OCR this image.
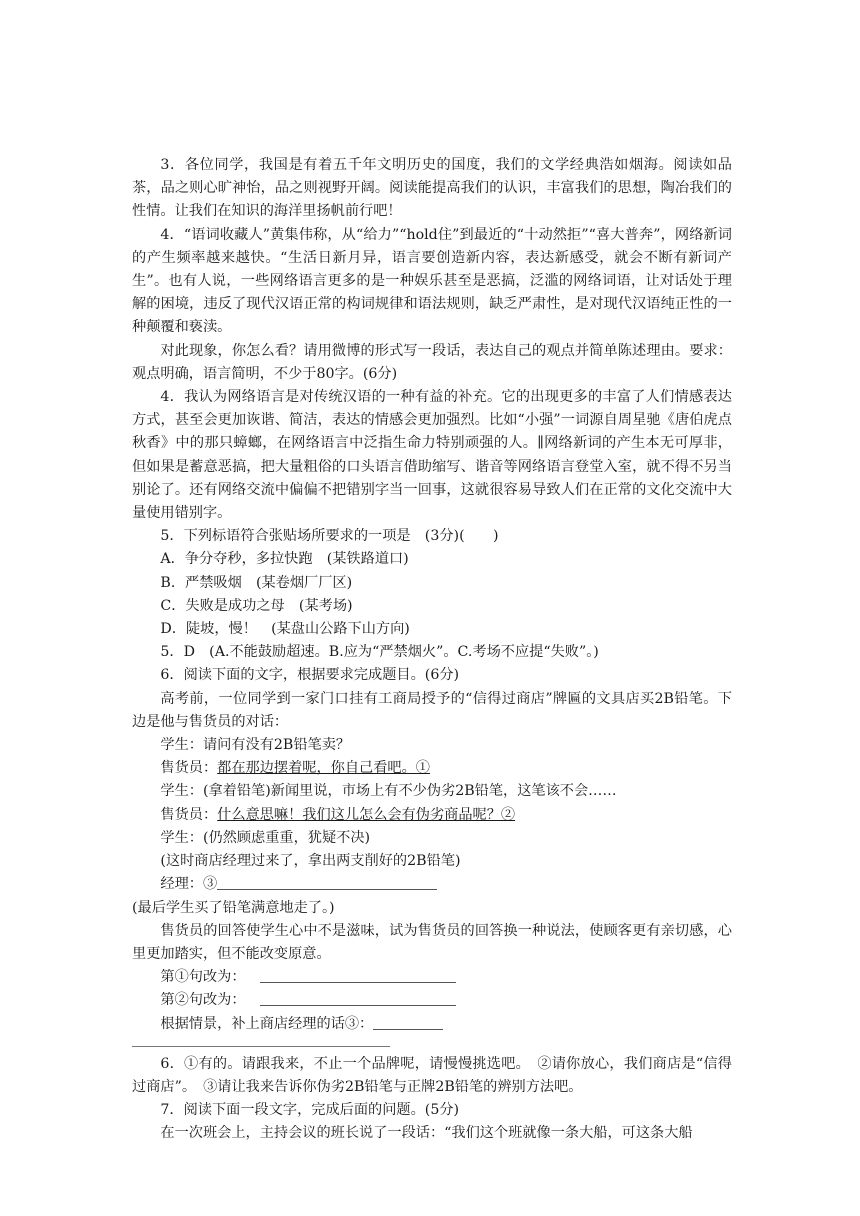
3．各位同学，我国是有着五千年文明历史的国度，我们的文学经典浩如烟海。阅读如品茶，品之则心旷神怡，品之则视野开阔。阅读能提高我们的认识，丰富我们的思想，陶冶我们的性情。让我们在知识的海洋里扬帆前行吧！

4．“语词收藏人”黄集伟称，从“给力”“hold住”到最近的“十动然拒”“喜大普奔”，网络新词的产生频率越来越快。“生活日新月异，语言要创造新内容，表达新感受，就会不断有新词产生”。也有人说，一些网络语言更多的是一种娱乐甚至是恶搞，泛滥的网络词语，让对话处于理解的困境，违反了现代汉语正常的构词规律和语法规则，缺乏严肃性，是对现代汉语纯正性的一种颠覆和亵渎。

对此现象，你怎么看？请用微博的形式写一段话，表达自己的观点并简单陈述理由。要求：观点明确，语言简明，不少于80字。(6分)

4．我认为网络语言是对传统汉语的一种有益的补充。它的出现更多的丰富了人们情感表达方式，甚至会更加诙谐、简洁，表达的情感会更加强烈。比如“小强”一词源自周星驰《唐伯虎点秋香》中的那只蟑螂，在网络语言中泛指生命力特别顽强的人。∥网络新词的产生本无可厚非，但如果是蓄意恶搞，把大量粗俗的口头语言借助缩写、谐音等网络语言登堂入室，就不得不另当别论了。还有网络交流中偏偏不把错别字当一回事，这就很容易导致人们在正常的文化交流中大量使用错别字。

5．下列标语符合张贴场所要求的一项是　(3分)(　　)

A．争分夺秒，多拉快跑　(某铁路道口)

B．严禁吸烟　(某卷烟厂厂区)

C．失败是成功之母　(某考场)

D．陡坡，慢！　(某盘山公路下山方向)

5．D　(A.不能鼓励超速。B.应为“严禁烟火”。C.考场不应提“失败”。)

6．阅读下面的文字，根据要求完成题目。(6分)

高考前，一位同学到一家门口挂有工商局授予的“信得过商店”牌匾的文具店买2B铅笔。下边是他与售货员的对话：

学生：请问有没有2B铅笔卖？

售货员：都在那边摆着呢，你自己看吧。①

学生：(拿着铅笔)新闻里说，市场上有不少伪劣2B铅笔，这笔该不会……

售货员：什么意思嘛！我们这儿怎么会有伪劣商品呢？②

学生：(仍然顾虑重重，犹疑不决)

(这时商店经理过来了，拿出两支削好的2B铅笔)

经理：③

(最后学生买了铅笔满意地走了。)

售货员的回答使学生心中不是滋味，试为售货员的回答换一种说法，使顾客更有亲切感，心里更加踏实，但不能改变原意。

第①句改为：

第②句改为：

根据情景，补上商店经理的话③：

6．①有的。请跟我来，不止一个品牌呢，请慢慢挑选吧。　②请你放心，我们商店是“信得过商店”。　③请让我来告诉你伪劣2B铅笔与正牌2B铅笔的辨别方法吧。

7．阅读下面一段文字，完成后面的问题。(5分)

在一次班会上，主持会议的班长说了一段话：“我们这个班就像一条大船，可这条大船
